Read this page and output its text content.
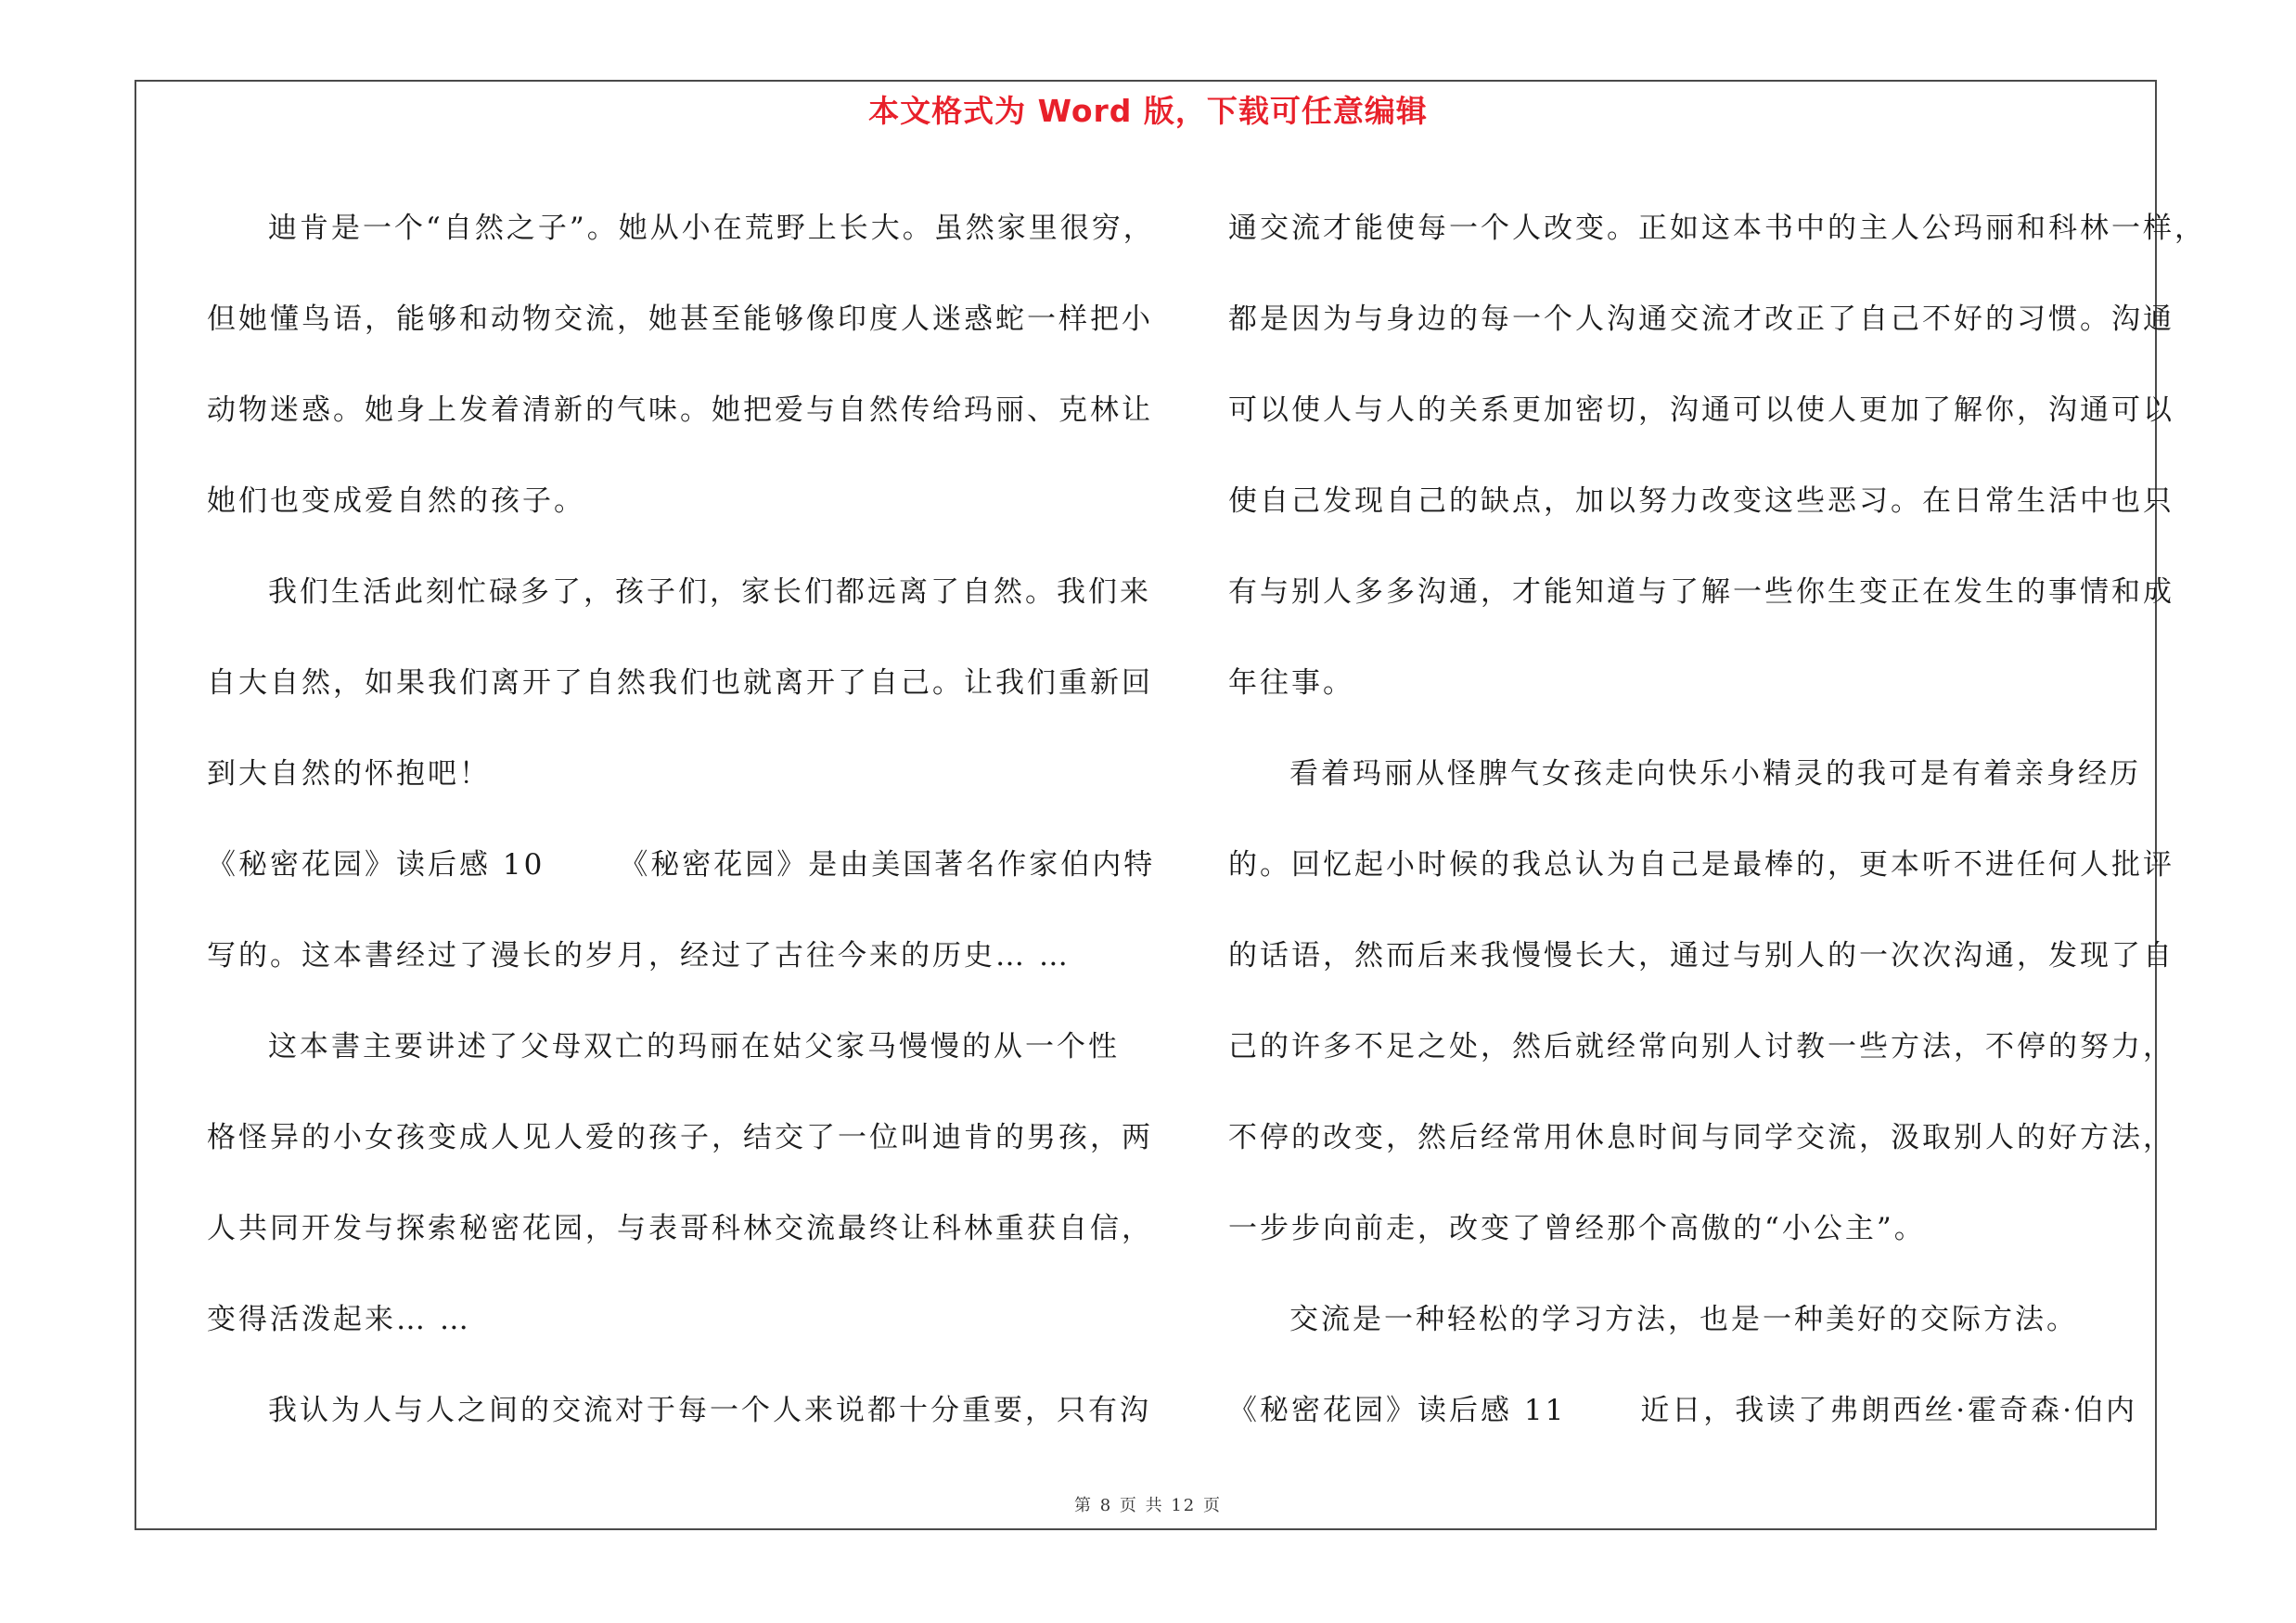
本文格式为 Word 版，下载可任意编辑
迪肯是一个“自然之子”。她从小在荒野上长大。虽然家里很穷，
但她懂鸟语，能够和动物交流，她甚至能够像印度人迷惑蛇一样把小
动物迷惑。她身上发着清新的气味。她把爱与自然传给玛丽、克林让
她们也变成爱自然的孩子。
我们生活此刻忙碌多了，孩子们，家长们都远离了自然。我们来
自大自然，如果我们离开了自然我们也就离开了自己。让我们重新回
到大自然的怀抱吧！
《秘密花园》读后感 10	《秘密花园》是由美国著名作家伯内特
写的。这本書经过了漫长的岁月，经过了古往今来的历史… …
这本書主要讲述了父母双亡的玛丽在姑父家马慢慢的从一个性
格怪异的小女孩变成人见人爱的孩子，结交了一位叫迪肯的男孩，两
人共同开发与探索秘密花园，与表哥科林交流最终让科林重获自信，
变得活泼起来… …
我认为人与人之间的交流对于每一个人来说都十分重要，只有沟
通交流才能使每一个人改变。正如这本书中的主人公玛丽和科林一样，
都是因为与身边的每一个人沟通交流才改正了自己不好的习惯。沟通
可以使人与人的关系更加密切，沟通可以使人更加了解你，沟通可以
使自己发现自己的缺点，加以努力改变这些恶习。在日常生活中也只
有与别人多多沟通，才能知道与了解一些你生变正在发生的事情和成
年往事。
看着玛丽从怪脾气女孩走向快乐小精灵的我可是有着亲身经历
的。回忆起小时候的我总认为自己是最棒的，更本听不进任何人批评
的话语，然而后来我慢慢长大，通过与别人的一次次沟通，发现了自
己的许多不足之处，然后就经常向别人讨教一些方法，不停的努力，
不停的改变，然后经常用休息时间与同学交流，汲取别人的好方法，
一步步向前走，改变了曾经那个高傲的“小公主”。
交流是一种轻松的学习方法，也是一种美好的交际方法。
《秘密花园》读后感 11	近日，我读了弗朗西丝·霍奇森·伯内
第 8 页 共 12 页
